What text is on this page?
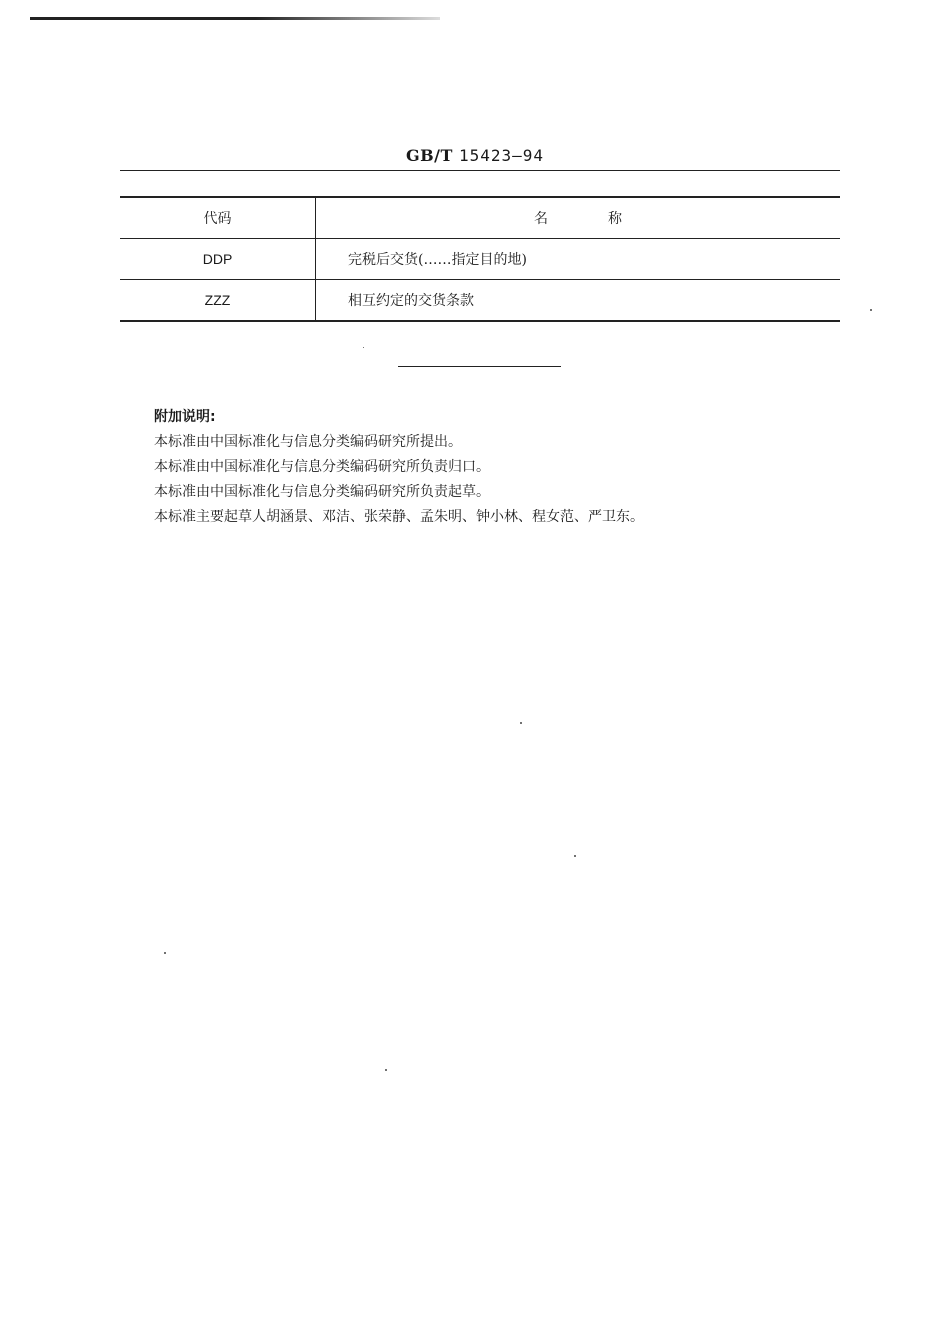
GB/T 15423—94
代码	名称
DDP	完税后交货(……指定目的地)
ZZZ	相互约定的交货条款

附加说明:

本标准由中国标准化与信息分类编码研究所提出。

本标准由中国标准化与信息分类编码研究所负责归口。

本标准由中国标准化与信息分类编码研究所负责起草。

本标准主要起草人胡涵景、邓洁、张荣静、孟朱明、钟小林、程女范、严卫东。
